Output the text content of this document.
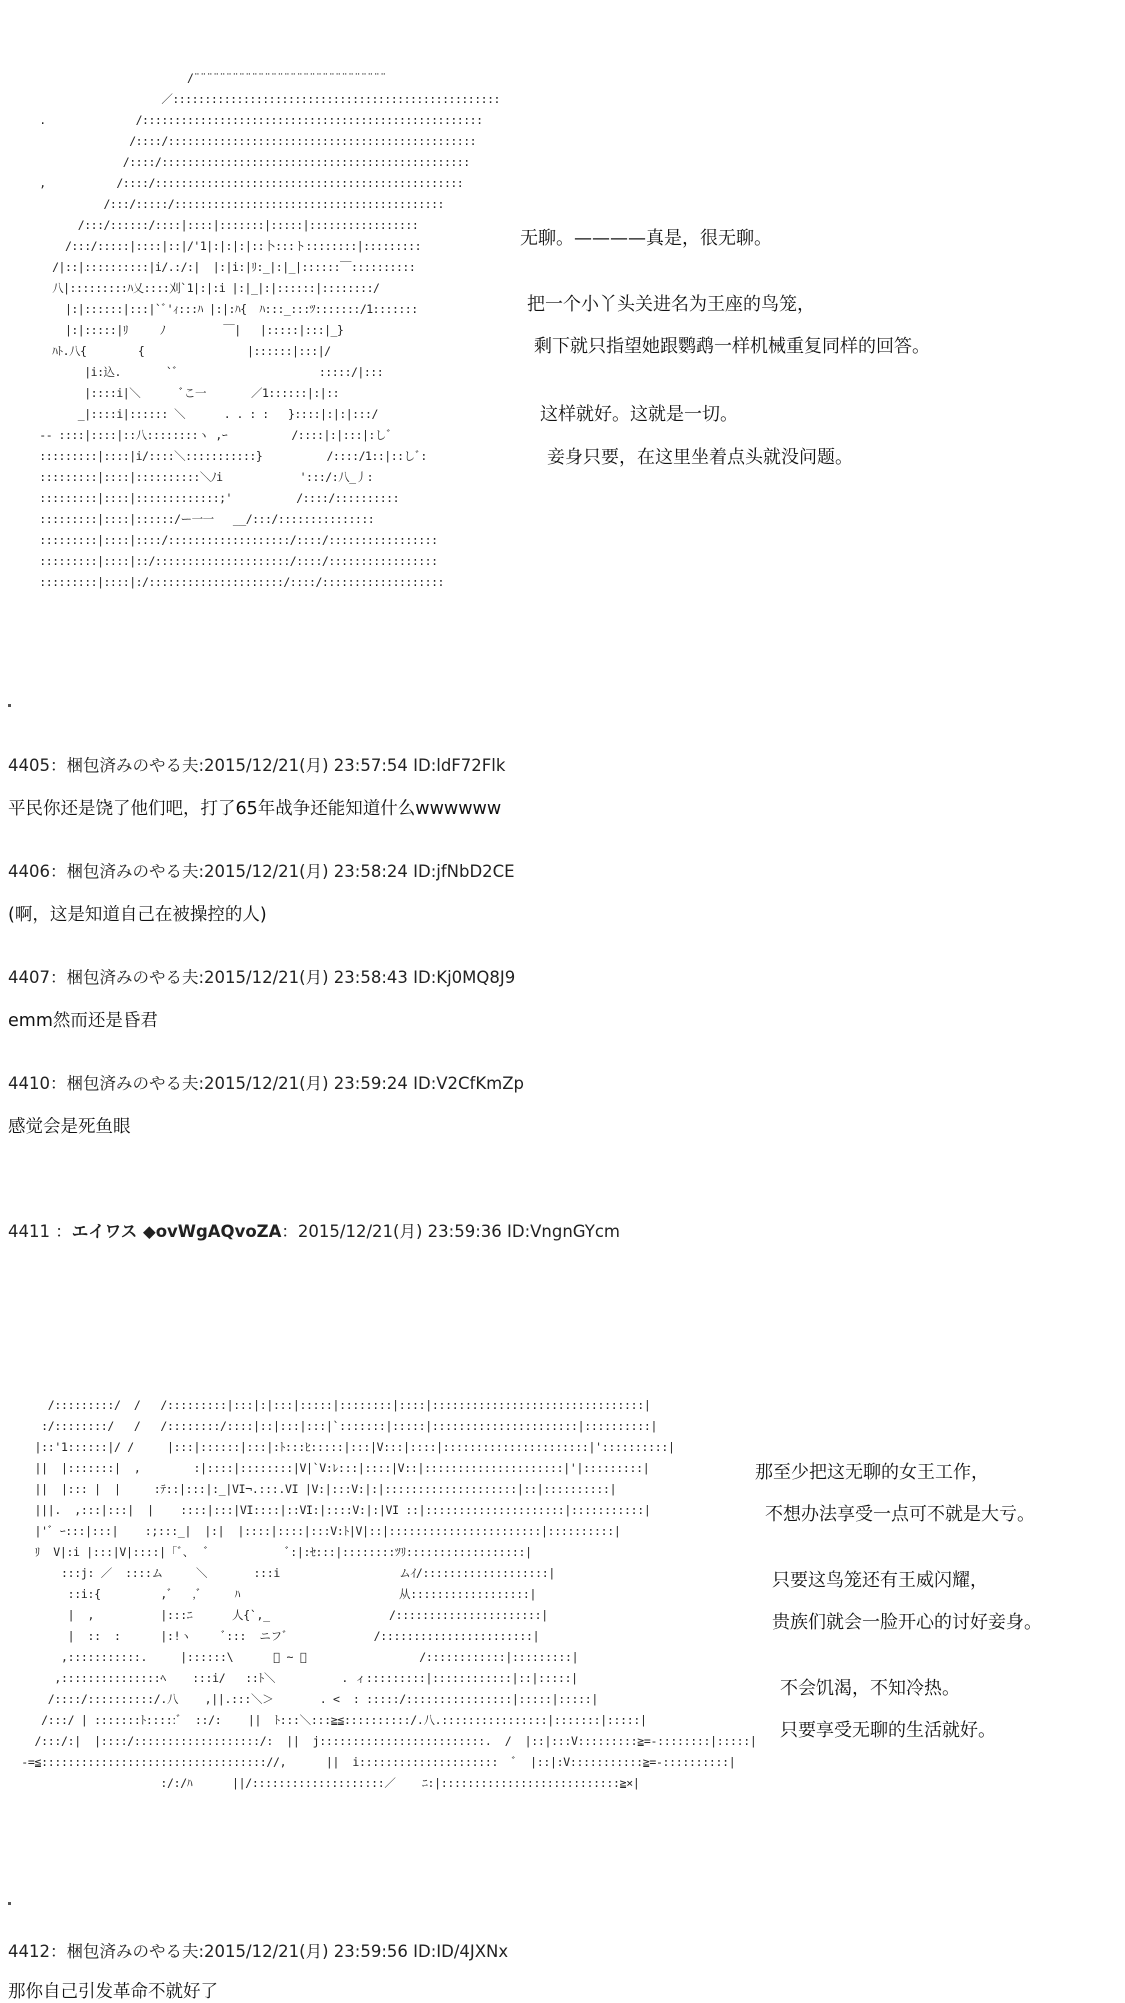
/¨¨¨¨¨¨¨¨¨¨¨¨¨¨¨¨¨¨¨¨¨¨¨¨¨¨¨¨¨¨
／:::::::::::::::::::::::::::::::::::::::::::::::::::
.              /:::::::::::::::::::::::::::::::::::::::::::::::::::::
/::::/::::::::::::::::::::::::::::::::::::::::::::::::
/::::/::::::::::::::::::::::::::::::::::::::::::::::::
,           /::::/::::::::::::::::::::::::::::::::::::::::::::::::
/:::/:::::/::::::::::::::::::::::::::::::::::::::::::
/:::/::::::/::::|::::|:::::::|:::::|:::::::::::::::::
/:::/:::::|::::|::|/'1|:|:|:|::卜:::ト::::::::|:::::::::
/|::|::::::::::|i/.:/:|  |:|i:|ﾘ:_|:|_|::::::￣::::::::::
八|:::::::::ﾊ乂::::刈`1|:|:i |:|_|:|::::::|::::::::/
|:|::::::|:::|`ﾞ'ｨ:::ﾊ |:|:ﾊ{  ﾊ:::_:::ﾂ:::::::/1:::::::
|:|:::::|ﾘ     ﾉ         ￣|   |:::::|:::|_}
ﾊﾄ.八{        {                |::::::|:::|/
|i:込.       `ﾞ                      :::::/|:::
|::::i|＼      ﾞこ一       ／1::::::|:|::
_|::::i|:::::: ＼      . . : :   }::::|:|:|:::/
-- ::::|::::|::八::::::::ヽ ,ｰ          /::::|:|:::|:しﾞ
:::::::::|::::|i/::::＼:::::::::::}          /::::/1::|::しﾞ:
:::::::::|::::|::::::::::＼ﾉi            ':::/:八_丿:
:::::::::|::::|:::::::::::::;'          /::::/::::::::::
:::::::::|::::|::::::/ー一一   __/:::/:::::::::::::::
:::::::::|::::|::::/:::::::::::::::::::/::::/:::::::::::::::::
:::::::::|::::|::/:::::::::::::::::::::/::::/:::::::::::::::::
:::::::::|::::|:/:::::::::::::::::::::/::::/:::::::::::::::::::

无聊。————真是，很无聊。

把一个小丫头关进名为王座的鸟笼，

剩下就只指望她跟鹦鹉一样机械重复同样的回答。

这样就好。这就是一切。

妾身只要，在这里坐着点头就没问题。

4405：梱包済みのやる夫:2015/12/21(月) 23:57:54 ID:ldF72Flk
平民你还是饶了他们吧，打了65年战争还能知道什么wwwwww
4406：梱包済みのやる夫:2015/12/21(月) 23:58:24 ID:jfNbD2CE
(啊，这是知道自己在被操控的人)
4407：梱包済みのやる夫:2015/12/21(月) 23:58:43 ID:Kj0MQ8J9
emm然而还是昏君
4410：梱包済みのやる夫:2015/12/21(月) 23:59:24 ID:V2CfKmZp
感觉会是死鱼眼
4411 ：エイワス ◆ovWgAQvoZA：2015/12/21(月) 23:59:36 ID:VngnGYcm
/:::::::::/  /   /:::::::::|:::|:|:::|:::::|::::::::|::::|::::::::::::::::::::::::::::::::|
:/::::::::/   /   /::::::::/::::|::|:::|:::|`:::::::|:::::|::::::::::::::::::::::|::::::::::|
|::'1::::::|/ /     |:::|::::::|:::|:ﾄ:::ﾋ:::::|:::|V:::|::::|::::::::::::::::::::::|'::::::::::|
||  |:::::::|  ,        :|::::|::::::::|V|`V:ﾚ:::|::::|V::|:::::::::::::::::::::|'|:::::::::|
||  |::: |  |     :ﾃ::|:::|:_|VI¬.:::.VI |V:|:::V:|:|::::::::::::::::::::|::|::::::::::|
|||.  ,:::|:::|  |    ::::|:::|VI::::|::VI:|::::V:|:|VI ::|:::::::::::::::::::::|:::::::::::|
|'ﾞ ｰ:::|:::|    :;:::_|  |:|  |::::|::::|:::V:ﾄ|V|::|:::::::::::::::::::::::|::::::::::|
ﾘ  V|:i |:::|V|::::|「ﾞ、  ﾞ            ﾞ:|:ｾ:::|::::::::ﾂﾘ::::::::::::::::::|
:::j: ／  ::::ム     ＼       :::i                  ムｲ/:::::::::::::::::::|
::i:{         ,ﾞ   ,ﾞ     ﾊ                        从::::::::::::::::::|
|  ,          |:::ﾆ      人{`,_                  /::::::::::::::::::::::|
|  ::  :      |:!ヽ     ﾞ:::  ニフﾞ             /:::::::::::::::::::::::|
,:::::::::::.     |::::::\      ﾞ ~ ﾞ                 /::::::::::::|:::::::::|
,:::::::::::::::ﾍ    :::i/   ::ﾄ＼          . ィ:::::::::|::::::::::::|::|:::::|
/::::/::::::::::/.八    ,||.:::＼＞       . <  : :::::/::::::::::::::::|:::::|:::::|
/:::/ | :::::::ﾄ:::::ﾞ  ::/:    ||  ﾄ:::＼:::≧≦::::::::::/.八.::::::::::::::::|:::::::|:::::|
/:::/:|  |::::/:::::::::::::::::::/:  ||  j:::::::::::::::::::::::::.  /  |::|:::V:::::::::≧=-::::::::|:::::|
-=≦:::::::::::::::::::::::::::::::::://,      ||  i:::::::::::::::::::::  ﾞ  |::|:V:::::::::::≧=-::::::::::|
:/:/ﾊ      ||/::::::::::::::::::::／    ﾆ:|:::::::::::::::::::::::::::≧×|

那至少把这无聊的女王工作，

不想办法享受一点可不就是大亏。

只要这鸟笼还有王威闪耀，

贵族们就会一脸开心的讨好妾身。

不会饥渴，不知冷热。

只要享受无聊的生活就好。

4412：梱包済みのやる夫:2015/12/21(月) 23:59:56 ID:ID/4JXNx
那你自己引发革命不就好了
